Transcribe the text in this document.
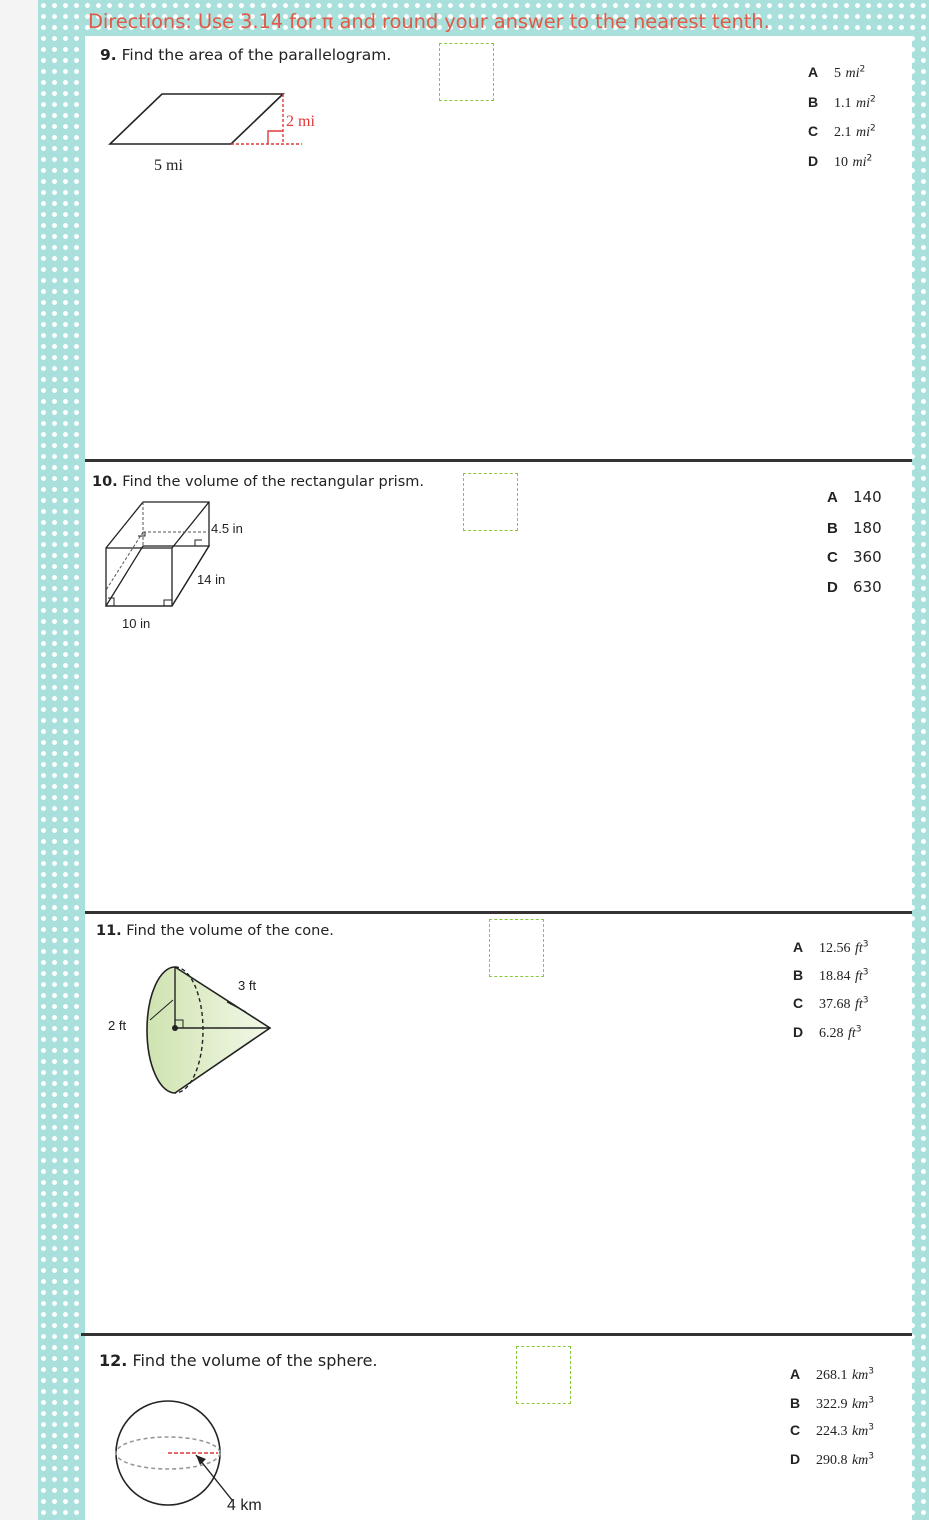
Directions: Use 3.14 for π and round your answer to the nearest tenth.
9. Find the area of the parallelogram.
2 mi
5 mi
A 5 $mi^2$
B 1.1 $mi^2$
C 2.1 $mi^2$
D 10 $mi^2$
10. Find the volume of the rectangular prism.
4.5 in
14 in
10 in
A 140
B 180
C 360
D 630
11. Find the volume of the cone.
3 ft
2 ft
A 12.56 $ft^3$
B 18.84 $ft^3$
C 37.68 $ft^3$
D 6.28 $ft^3$
12. Find the volume of the sphere.
4 km
A 268.1 $km^3$
B 322.9 $km^3$
C 224.3 $km^3$
D 290.8 $km^3$
